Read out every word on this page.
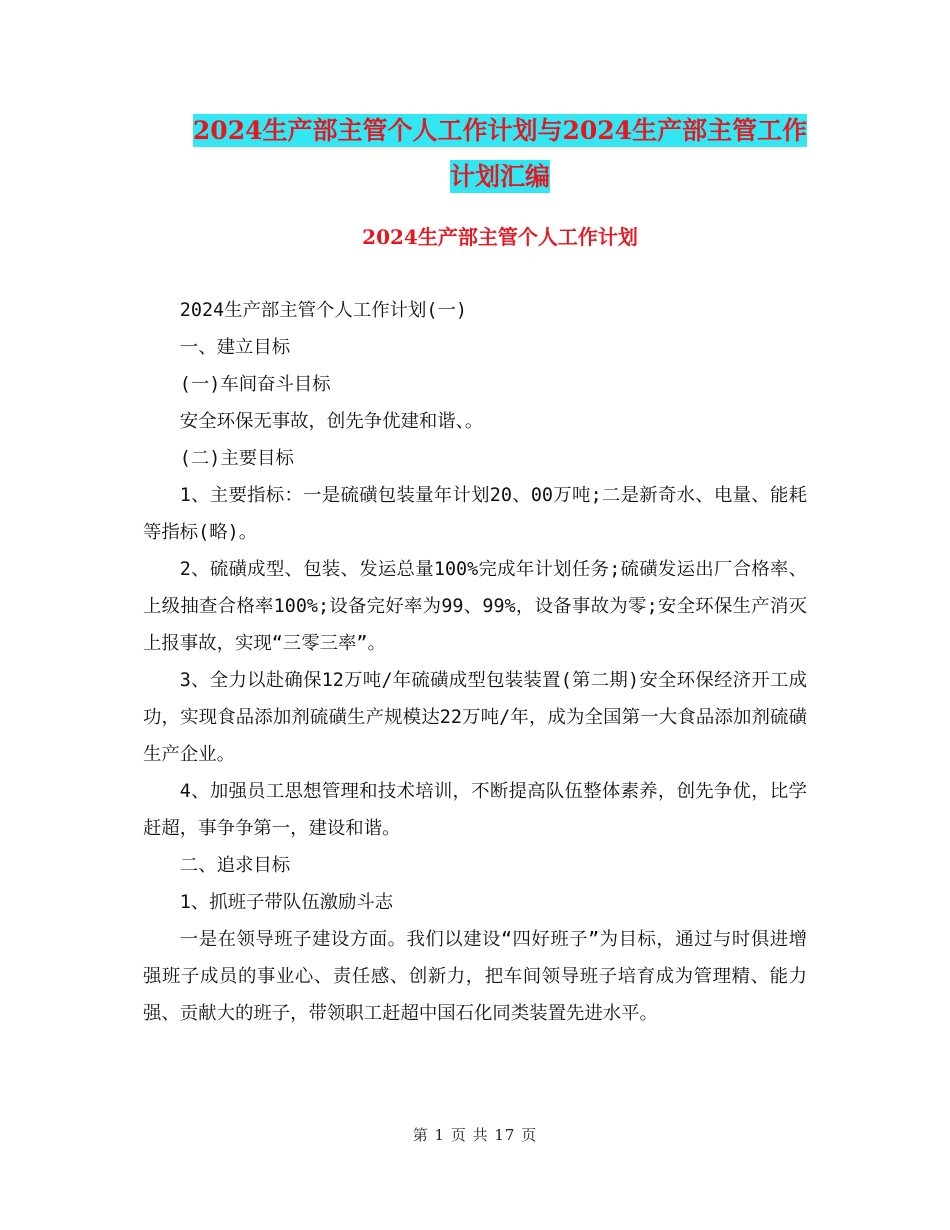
2024生产部主管个人工作计划与2024生产部主管工作
计划汇编
2024生产部主管个人工作计划

2024生产部主管个人工作计划(一)

一、建立目标

(一)车间奋斗目标

安全环保无事故，创先争优建和谐、。

(二)主要目标

1、主要指标：一是硫磺包装量年计划20、00万吨;二是新奇水、电量、能耗等指标(略)。

2、硫磺成型、包装、发运总量100%完成年计划任务;硫磺发运出厂合格率、上级抽查合格率100%;设备完好率为99、99%，设备事故为零;安全环保生产消灭上报事故，实现“三零三率”。

3、全力以赴确保12万吨/年硫磺成型包装装置(第二期)安全环保经济开工成功，实现食品添加剂硫磺生产规模达22万吨/年，成为全国第一大食品添加剂硫磺生产企业。

4、加强员工思想管理和技术培训，不断提高队伍整体素养，创先争优，比学赶超，事争争第一，建设和谐。

二、追求目标

1、抓班子带队伍激励斗志

一是在领导班子建设方面。我们以建设“四好班子”为目标，通过与时俱进增强班子成员的事业心、责任感、创新力，把车间领导班子培育成为管理精、能力强、贡献大的班子，带领职工赶超中国石化同类装置先进水平。

第 1 页 共 17 页
